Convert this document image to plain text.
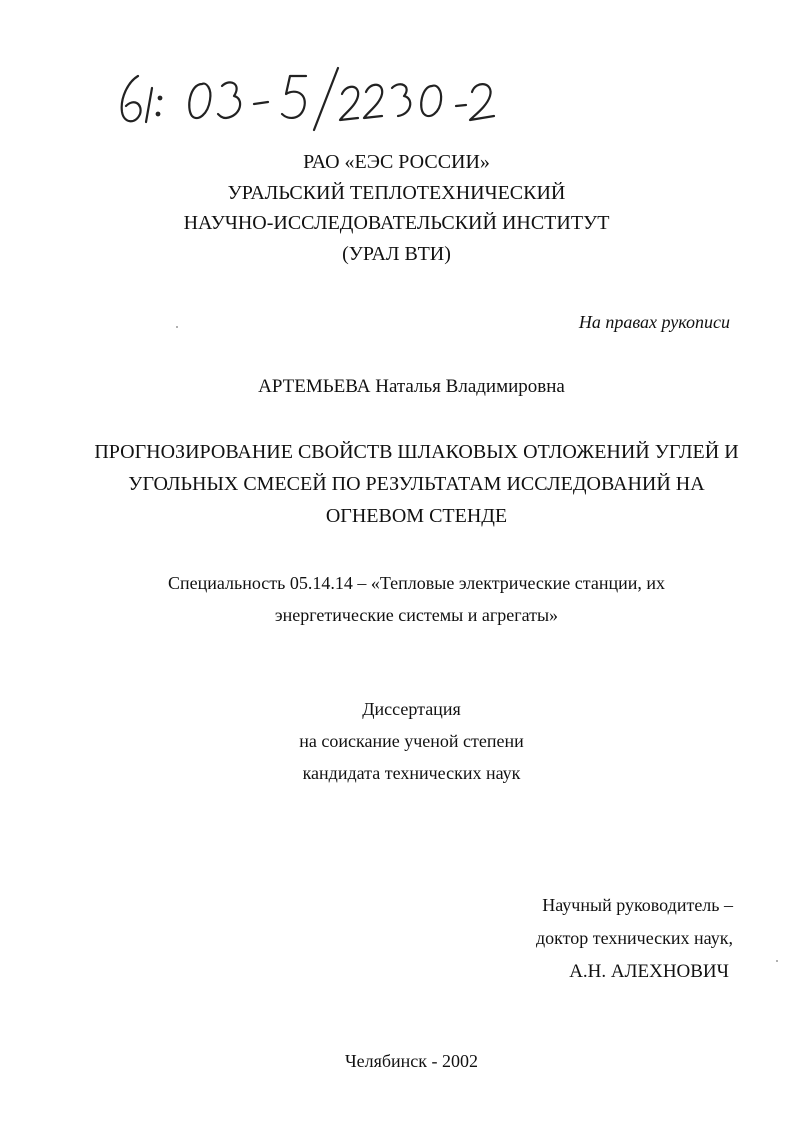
РАО «ЕЭС РОССИИ»
УРАЛЬСКИЙ ТЕПЛОТЕХНИЧЕСКИЙ
НАУЧНО-ИССЛЕДОВАТЕЛЬСКИЙ ИНСТИТУТ
(УРАЛ ВТИ)
На правах рукописи
АРТЕМЬЕВА Наталья Владимировна
ПРОГНОЗИРОВАНИЕ СВОЙСТВ ШЛАКОВЫХ ОТЛОЖЕНИЙ УГЛЕЙ И
УГОЛЬНЫХ СМЕСЕЙ ПО РЕЗУЛЬТАТАМ ИССЛЕДОВАНИЙ НА
ОГНЕВОМ СТЕНДЕ
Специальность 05.14.14 – «Тепловые электрические станции, их
энергетические системы и агрегаты»
Диссертация
на соискание ученой степени
кандидата технических наук
Научный руководитель –
доктор технических наук,
А.Н. АЛЕХНОВИЧ
Челябинск - 2002
